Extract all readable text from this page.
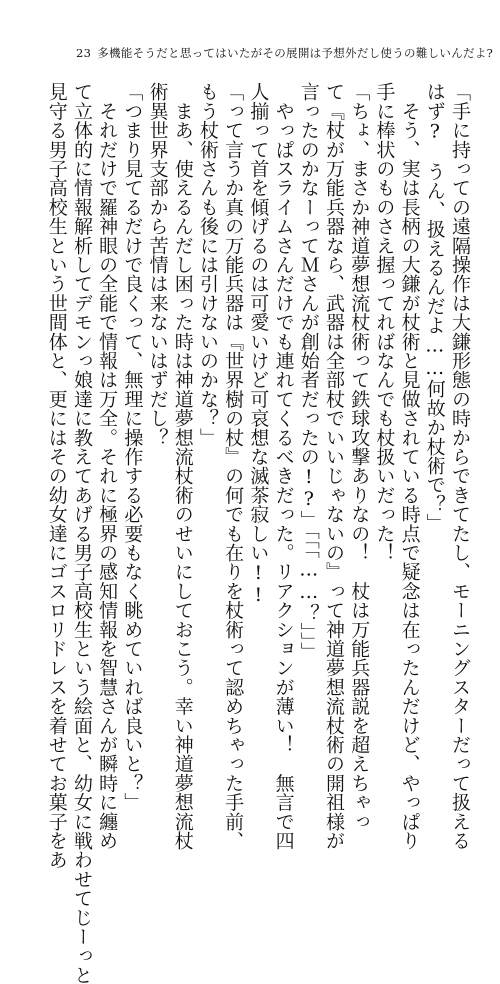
23 多機能そうだと思ってはいたがその展開は予想外だし使うの難しいんだよ?
「手に持っての遠隔操作は大鎌形態の時からできてたし、モーニングスターだって扱える
はず?　うん、扱えるんだよ……何故か杖術で？」
　そう、実は長柄の大鎌が杖術と見做されている時点で疑念は在ったんだけど、やっぱり
手に棒状のものさえ握ってればなんでも杖扱いだった！
「ちょ、まさか神道夢想流杖術って鉄球攻撃ありなの！　杖は万能兵器説を超えちゃっ
て『杖が万能兵器なら、武器は全部杖でいいじゃないの』って神道夢想流杖術の開祖様が
言ったのかなーってＭさんが創始者だったの!?」「「「……？」」」
　やっぱスライムさんだけでも連れてくるべきだった。リアクションが薄い！　無言で四
人揃って首を傾げるのは可愛いけど可哀想な滅茶寂しい!!
「って言うか真の万能兵器は『世界樹の杖』の何でも在りを杖術って認めちゃった手前、
もう杖術さんも後には引けないのかな？」
　まあ、使えるんだし困った時は神道夢想流杖術のせいにしておこう。幸い神道夢想流杖
術異世界支部から苦情は来ないはずだし？
「つまり見てるだけで良くって、無理に操作する必要もなく眺めていれば良いと？」
　それだけで羅神眼の全能で情報は万全。それに極界の感知情報を智慧さんが瞬時に纏め
て立体的に情報解析してデモンっ娘達に教えてあげる男子高校生という絵面と、幼女に戦わせてじーっと
見守る男子高校生という世間体と、更にはその幼女達にゴスロリドレスを着せてお菓子をあ
